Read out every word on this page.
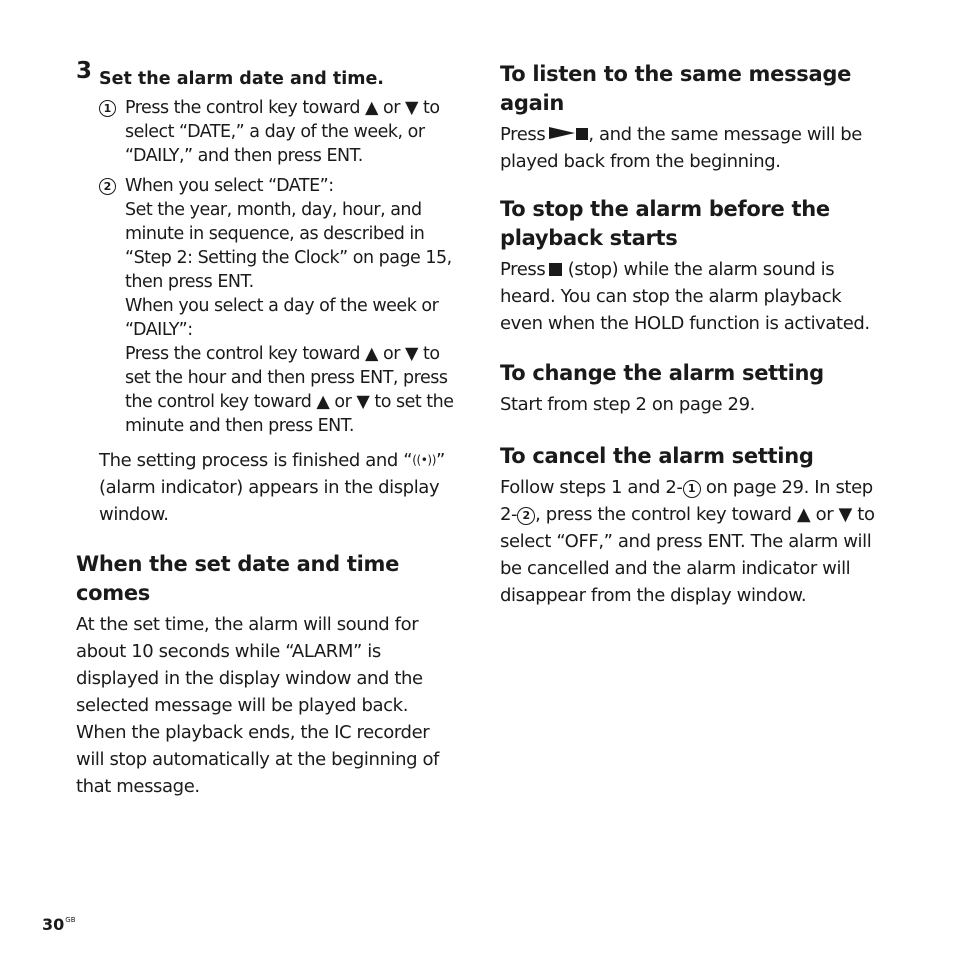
3 Set the alarm date and time.
1 Press the control key toward ▲ or ▼ to select “DATE,” a day of the week, or “DAILY,” and then press ENT.
2 When you select “DATE”:
Set the year, month, day, hour, and minute in sequence, as described in “Step 2: Setting the Clock” on page 15, then press ENT.
When you select a day of the week or “DAILY”:
Press the control key toward ▲ or ▼ to set the hour and then press ENT, press the control key toward ▲ or ▼ to set the minute and then press ENT.

The setting process is finished and “((•))” (alarm indicator) appears in the display window.

When the set date and time comes

At the set time, the alarm will sound for about 10 seconds while “ALARM” is displayed in the display window and the selected message will be played back. When the playback ends, the IC recorder will stop automatically at the beginning of that message.

To listen to the same message again

Press , and the same message will be played back from the beginning.

To stop the alarm before the playback starts

Press (stop) while the alarm sound is heard. You can stop the alarm playback even when the HOLD function is activated.

To change the alarm setting

Start from step 2 on page 29.

To cancel the alarm setting

Follow steps 1 and 2- 1 on page 29. In step 2- 2 , press the control key toward ▲ or ▼ to select “OFF,” and press ENT. The alarm will be cancelled and the alarm indicator will disappear from the display window.

$30^{GB}$
